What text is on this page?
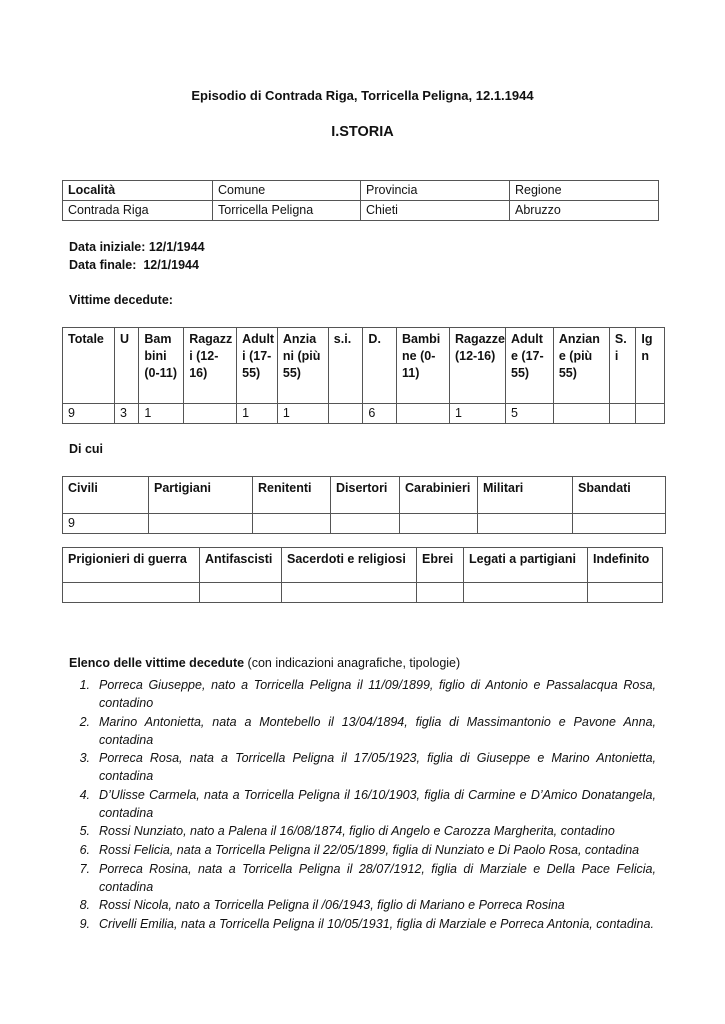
Episodio di Contrada Riga, Torricella Peligna, 12.1.1944
I.STORIA
Località	Comune	Provincia	Regione
Contrada Riga	Torricella Peligna	Chieti	Abruzzo
Data iniziale: 12/1/1944
Data finale: 12/1/1944
Vittime decedute:
Totale	U	Bam bini (0-11)	Ragazz i (12-16)	Adult i (17-55)	Anzia ni (più 55)	s.i.	D.	Bambi ne (0-11)	Ragazze (12-16)	Adult e (17-55)	Anzian e (più 55)	S. i	Ig n
9	3	1		1	1		6		1	5			
Di cui
Civili	Partigiani	Renitenti	Disertori	Carabinieri	Militari	Sbandati
9						
Prigionieri di guerra	Antifascisti	Sacerdoti e religiosi	Ebrei	Legati a partigiani	Indefinito

Elenco delle vittime decedute (con indicazioni anagrafiche, tipologie)
1. Porreca Giuseppe, nato a Torricella Peligna il 11/09/1899, figlio di Antonio e Passalacqua Rosa, contadino
2. Marino Antonietta, nata a Montebello il 13/04/1894, figlia di Massimantonio e Pavone Anna, contadina
3. Porreca Rosa, nata a Torricella Peligna il 17/05/1923, figlia di Giuseppe e Marino Antonietta, contadina
4. D’Ulisse Carmela, nata a Torricella Peligna il 16/10/1903, figlia di Carmine e D’Amico Donatangela, contadina
5. Rossi Nunziato, nato a Palena il 16/08/1874, figlio di Angelo e Carozza Margherita, contadino
6. Rossi Felicia, nata a Torricella Peligna il 22/05/1899, figlia di Nunziato e Di Paolo Rosa, contadina
7. Porreca Rosina, nata a Torricella Peligna il 28/07/1912, figlia di Marziale e Della Pace Felicia, contadina
8. Rossi Nicola, nato a Torricella Peligna il /06/1943, figlio di Mariano e Porreca Rosina
9. Crivelli Emilia, nata a Torricella Peligna il 10/05/1931, figlia di Marziale e Porreca Antonia, contadina.
